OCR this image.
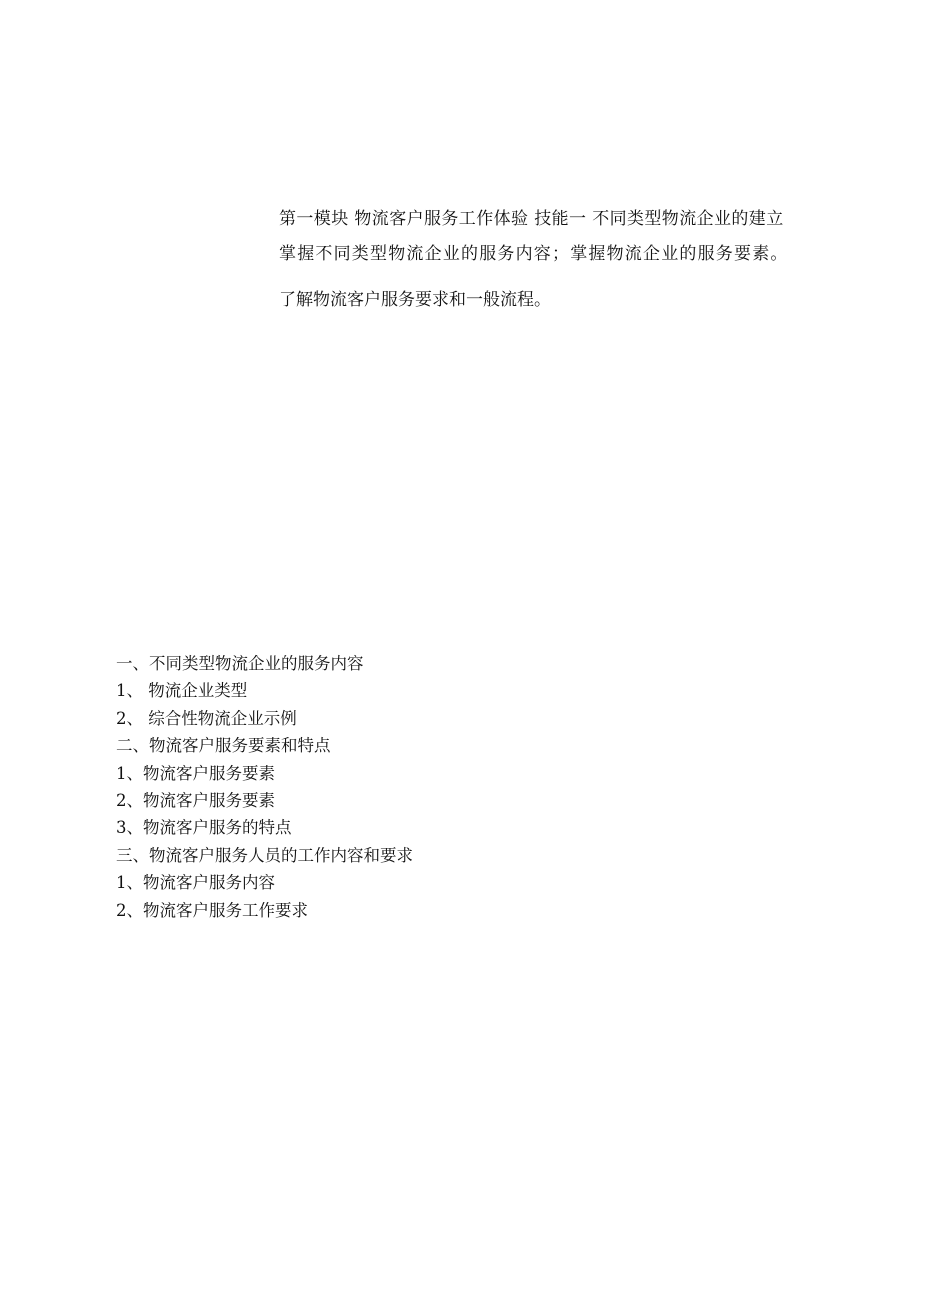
第一模块 物流客户服务工作体验 技能一 不同类型物流企业的建立

掌握不同类型物流企业的服务内容；掌握物流企业的服务要素。

了解物流客户服务要求和一般流程。

一、不同类型物流企业的服务内容
1、 物流企业类型
2、 综合性物流企业示例
二、物流客户服务要素和特点
1、物流客户服务要素
2、物流客户服务要素
3、物流客户服务的特点
三、物流客户服务人员的工作内容和要求
1、物流客户服务内容
2、物流客户服务工作要求
